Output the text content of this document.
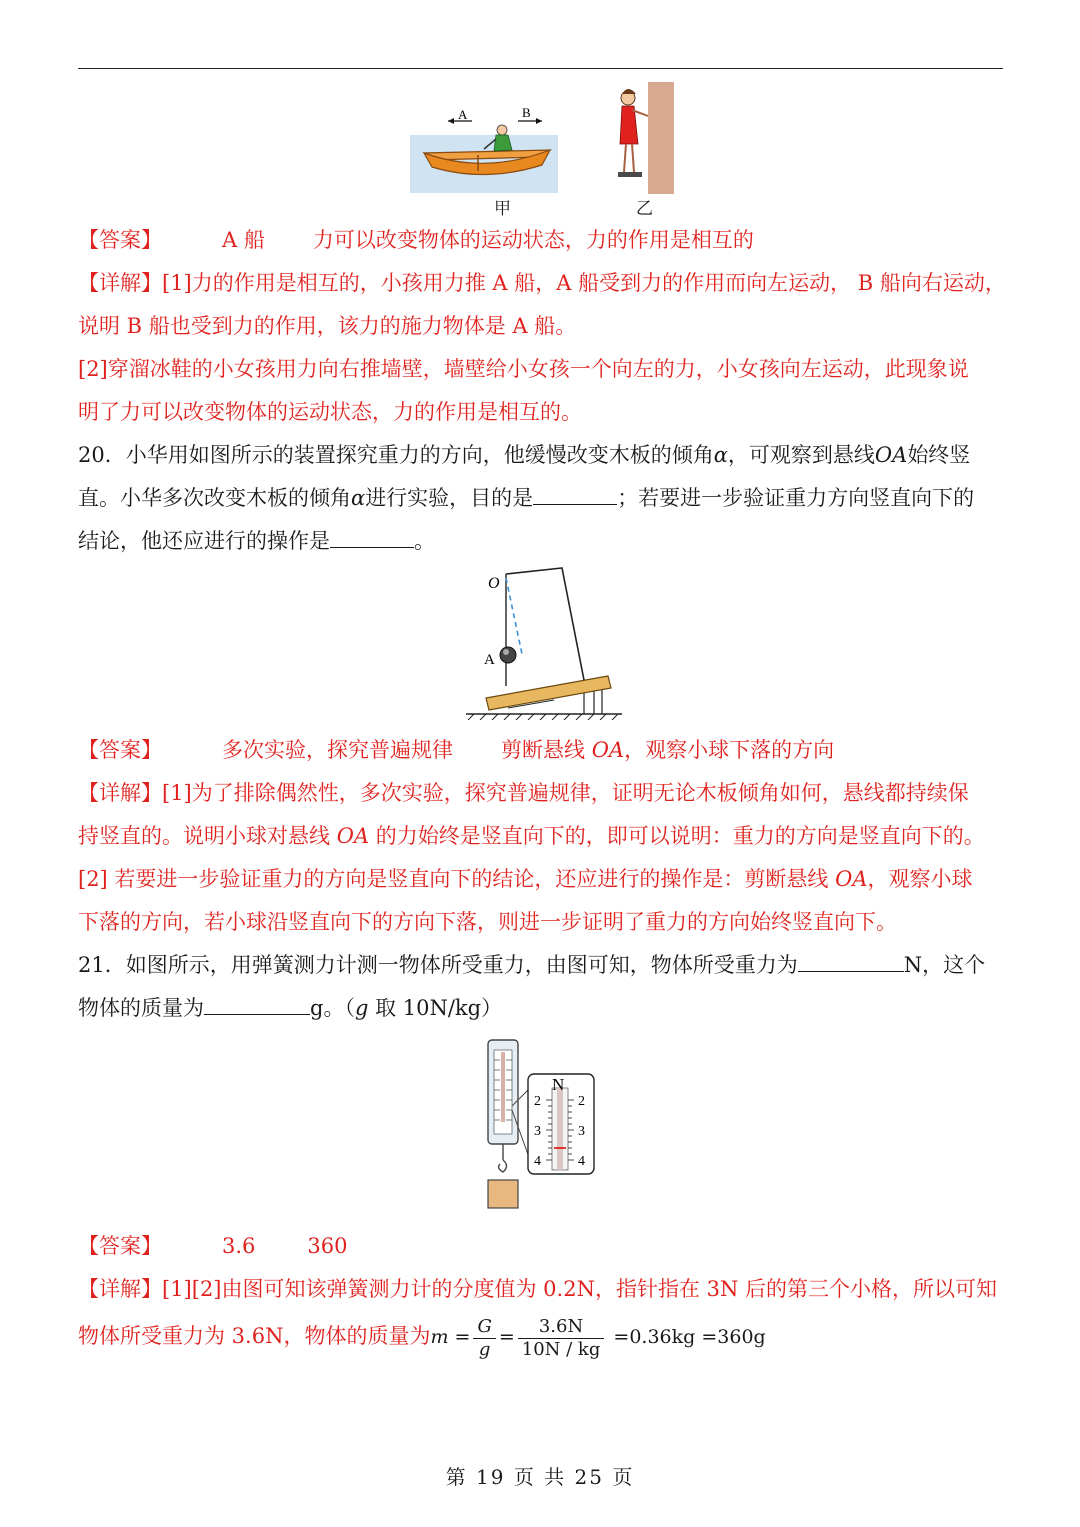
A	B
甲	乙
【答案】	A 船 力可以改变物体的运动状态，力的作用是相互的
【详解】[1]力的作用是相互的，小孩用力推 A 船，A 船受到力的作用而向左运动， B 船向右运动，
说明 B 船也受到力的作用，该力的施力物体是 A 船。
[2]穿溜冰鞋的小女孩用力向右推墙壁，墙壁给小女孩一个向左的力，小女孩向左运动，此现象说
明了力可以改变物体的运动状态，力的作用是相互的。
20．小华用如图所示的装置探究重力的方向，他缓慢改变木板的倾角α，可观察到悬线OA始终竖
直。小华多次改变木板的倾角α进行实验，目的是	；若要进一步验证重力方向竖直向下的
结论，他还应进行的操作是	。
O
A
【答案】	多次实验，探究普遍规律 剪断悬线 OA，观察小球下落的方向
【详解】[1]为了排除偶然性，多次实验，探究普遍规律，证明无论木板倾角如何，悬线都持续保
持竖直的。说明小球对悬线 OA 的力始终是竖直向下的，即可以说明：重力的方向是竖直向下的。
[2] 若要进一步验证重力的方向是竖直向下的结论，还应进行的操作是：剪断悬线 OA，观察小球
下落的方向，若小球沿竖直向下的方向下落，则进一步证明了重力的方向始终竖直向下。
21．如图所示，用弹簧测力计测一物体所受重力，由图可知，物体所受重力为	N，这个
物体的质量为	g。（g 取 10N/kg）
N
2
3
4
2
3
4
【答案】	3.6 360
【详解】[1][2]由图可知该弹簧测力计的分度值为 0.2N，指针指在 3N 后的第三个小格，所以可知
物体所受重力为 3.6N，物体的质量为$m = \frac{G}{g} = \frac{3.6N}{10N / kg} =0.36kg =360g$
第 19 页 共 25 页
